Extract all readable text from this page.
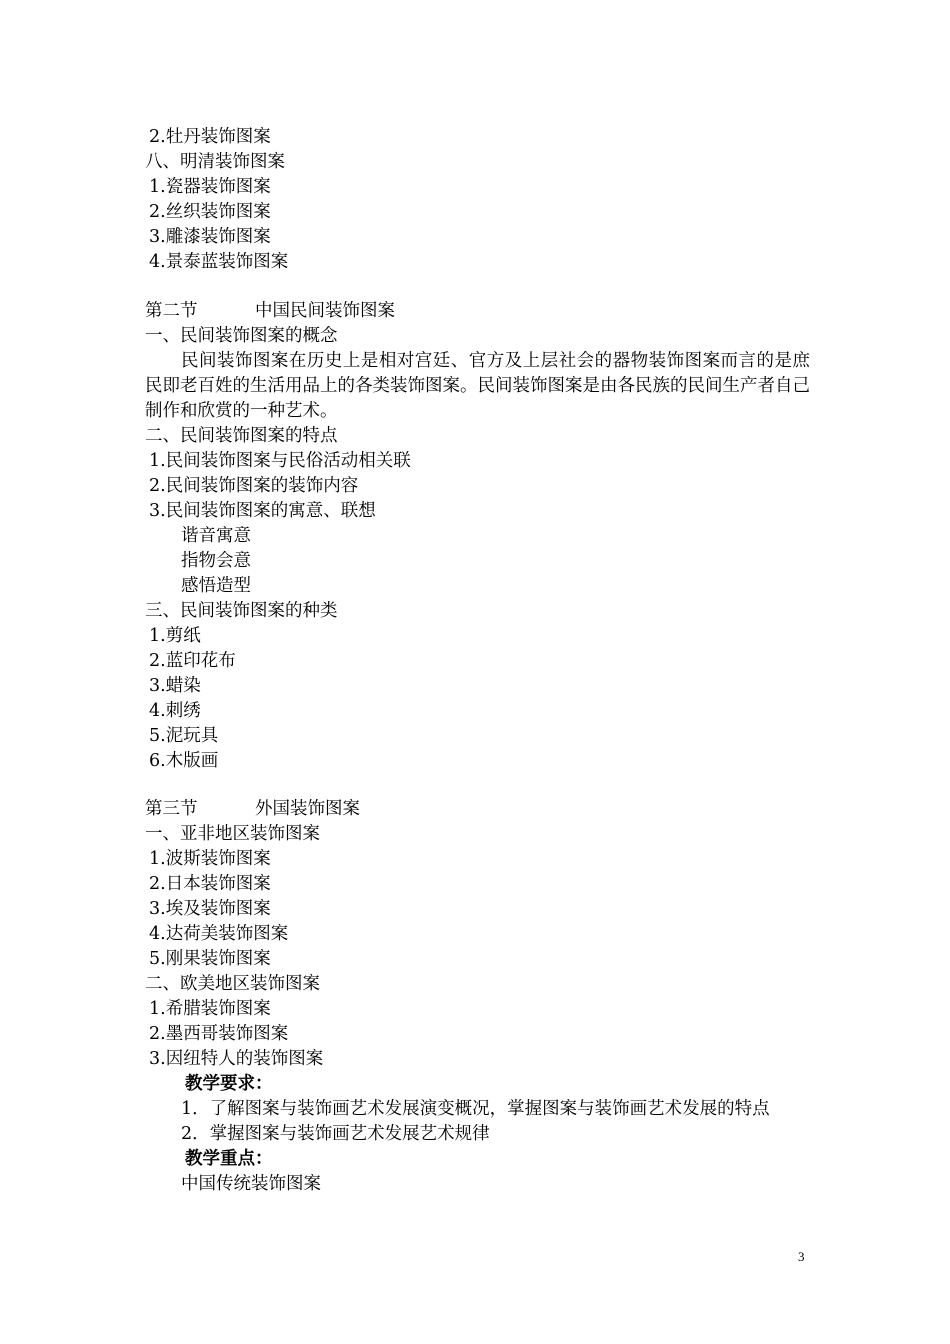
2.牡丹装饰图案
八、明清装饰图案
1.瓷器装饰图案
2.丝织装饰图案
3.雕漆装饰图案
4.景泰蓝装饰图案
第二节	中国民间装饰图案
一、民间装饰图案的概念
民间装饰图案在历史上是相对宫廷、官方及上层社会的器物装饰图案而言的是庶民即老百姓的生活用品上的各类装饰图案。民间装饰图案是由各民族的民间生产者自己制作和欣赏的一种艺术。
二、民间装饰图案的特点
1.民间装饰图案与民俗活动相关联
2.民间装饰图案的装饰内容
3.民间装饰图案的寓意、联想
谐音寓意
指物会意
感悟造型
三、民间装饰图案的种类
1.剪纸
2.蓝印花布
3.蜡染
4.刺绣
5.泥玩具
6.木版画
第三节	外国装饰图案
一、亚非地区装饰图案
1.波斯装饰图案
2.日本装饰图案
3.埃及装饰图案
4.达荷美装饰图案
5.刚果装饰图案
二、欧美地区装饰图案
1.希腊装饰图案
2.墨西哥装饰图案
3.因纽特人的装饰图案
教学要求：
1．了解图案与装饰画艺术发展演变概况，掌握图案与装饰画艺术发展的特点
2．掌握图案与装饰画艺术发展艺术规律
教学重点：
中国传统装饰图案
3
